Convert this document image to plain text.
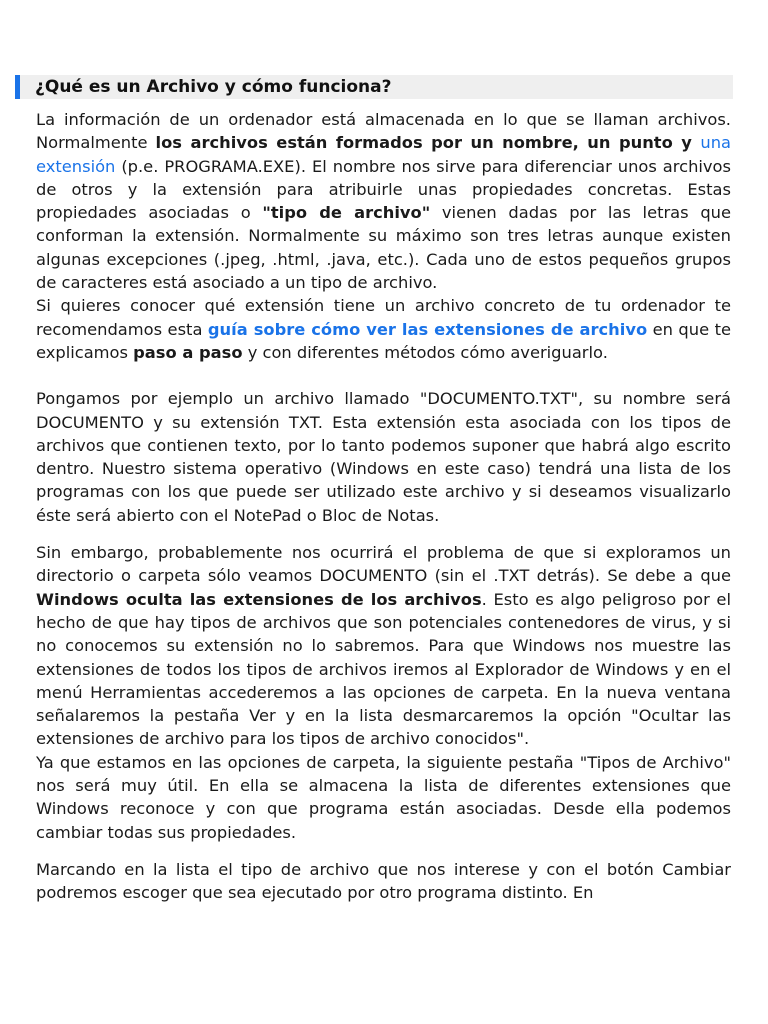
¿Qué es un Archivo y cómo funciona?

La información de un ordenador está almacenada en lo que se llaman archivos. Normalmente los archivos están formados por un nombre, un punto y una extensión (p.e. PROGRAMA.EXE). El nombre nos sirve para diferenciar unos archivos de otros y la extensión para atribuirle unas propiedades concretas. Estas propiedades asociadas o "tipo de archivo" vienen dadas por las letras que conforman la extensión. Normalmente su máximo son tres letras aunque existen algunas excepciones (.jpeg, .html, .java, etc.). Cada uno de estos pequeños grupos de caracteres está asociado a un tipo de archivo.

Si quieres conocer qué extensión tiene un archivo concreto de tu ordenador te recomendamos esta guía sobre cómo ver las extensiones de archivo en que te explicamos paso a paso y con diferentes métodos cómo averiguarlo.

Pongamos por ejemplo un archivo llamado "DOCUMENTO.TXT", su nombre será DOCUMENTO y su extensión TXT. Esta extensión esta asociada con los tipos de archivos que contienen texto, por lo tanto podemos suponer que habrá algo escrito dentro. Nuestro sistema operativo (Windows en este caso) tendrá una lista de los programas con los que puede ser utilizado este archivo y si deseamos visualizarlo éste será abierto con el NotePad o Bloc de Notas.

Sin embargo, probablemente nos ocurrirá el problema de que si exploramos un directorio o carpeta sólo veamos DOCUMENTO (sin el .TXT detrás). Se debe a que Windows oculta las extensiones de los archivos. Esto es algo peligroso por el hecho de que hay tipos de archivos que son potenciales contenedores de virus, y si no conocemos su extensión no lo sabremos. Para que Windows nos muestre las extensiones de todos los tipos de archivos iremos al Explorador de Windows y en el menú Herramientas accederemos a las opciones de carpeta. En la nueva ventana señalaremos la pestaña Ver y en la lista desmarcaremos la opción "Ocultar las extensiones de archivo para los tipos de archivo conocidos".

Ya que estamos en las opciones de carpeta, la siguiente pestaña "Tipos de Archivo" nos será muy útil. En ella se almacena la lista de diferentes extensiones que Windows reconoce y con que programa están asociadas. Desde ella podemos cambiar todas sus propiedades.

Marcando en la lista el tipo de archivo que nos interese y con el botón Cambiar podremos escoger que sea ejecutado por otro programa distinto. En
